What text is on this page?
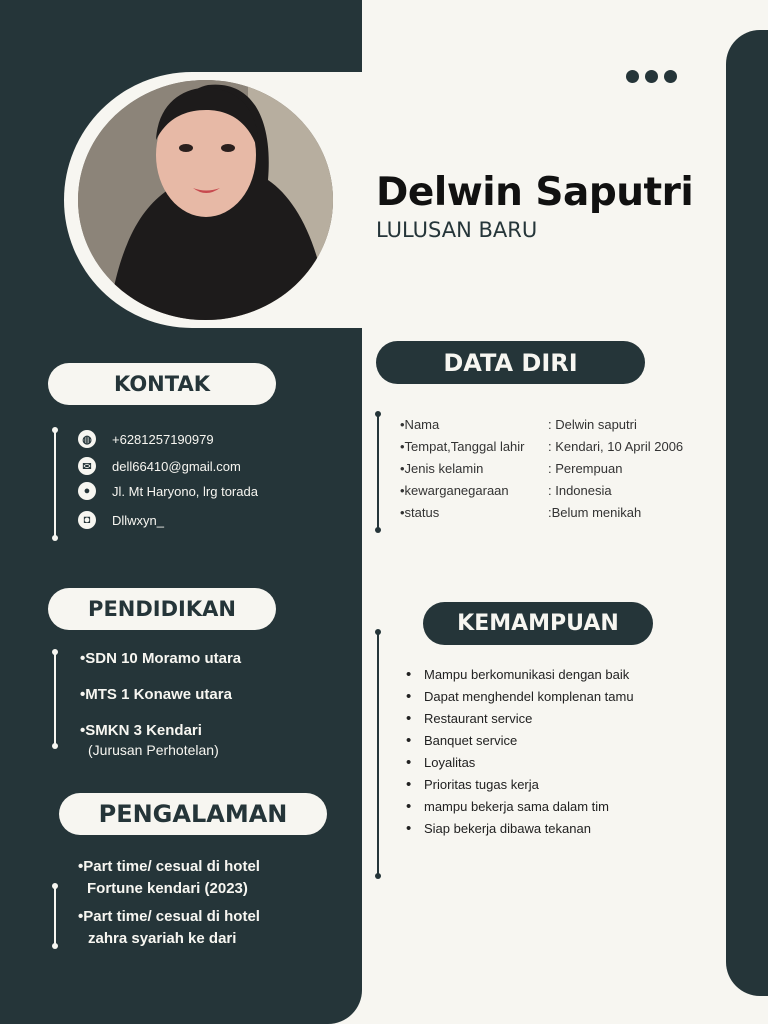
Delwin Saputri
LULUSAN BARU
KONTAK
◍	+6281257190979
✉	dell66410@gmail.com
●	Jl. Mt Haryono, lrg torada
◘	Dllwxyn_
PENDIDIKAN
•SDN 10 Moramo utara
•MTS 1 Konawe utara
•SMKN 3 Kendari
(Jurusan Perhotelan)
PENGALAMAN
•Part time/ cesual di hotel
Fortune kendari (2023)
•Part time/ cesual di hotel
zahra syariah ke dari
DATA DIRI
•Nama	: Delwin saputri
•Tempat,Tanggal lahir	: Kendari, 10 April 2006
•Jenis kelamin	: Perempuan
•kewarganegaraan	: Indonesia
•status	:Belum menikah
KEMAMPUAN
• Mampu berkomunikasi dengan baik
• Dapat menghendel komplenan tamu
• Restaurant service
• Banquet service
• Loyalitas
• Prioritas tugas kerja
• mampu bekerja sama dalam tim
• Siap bekerja dibawa tekanan
